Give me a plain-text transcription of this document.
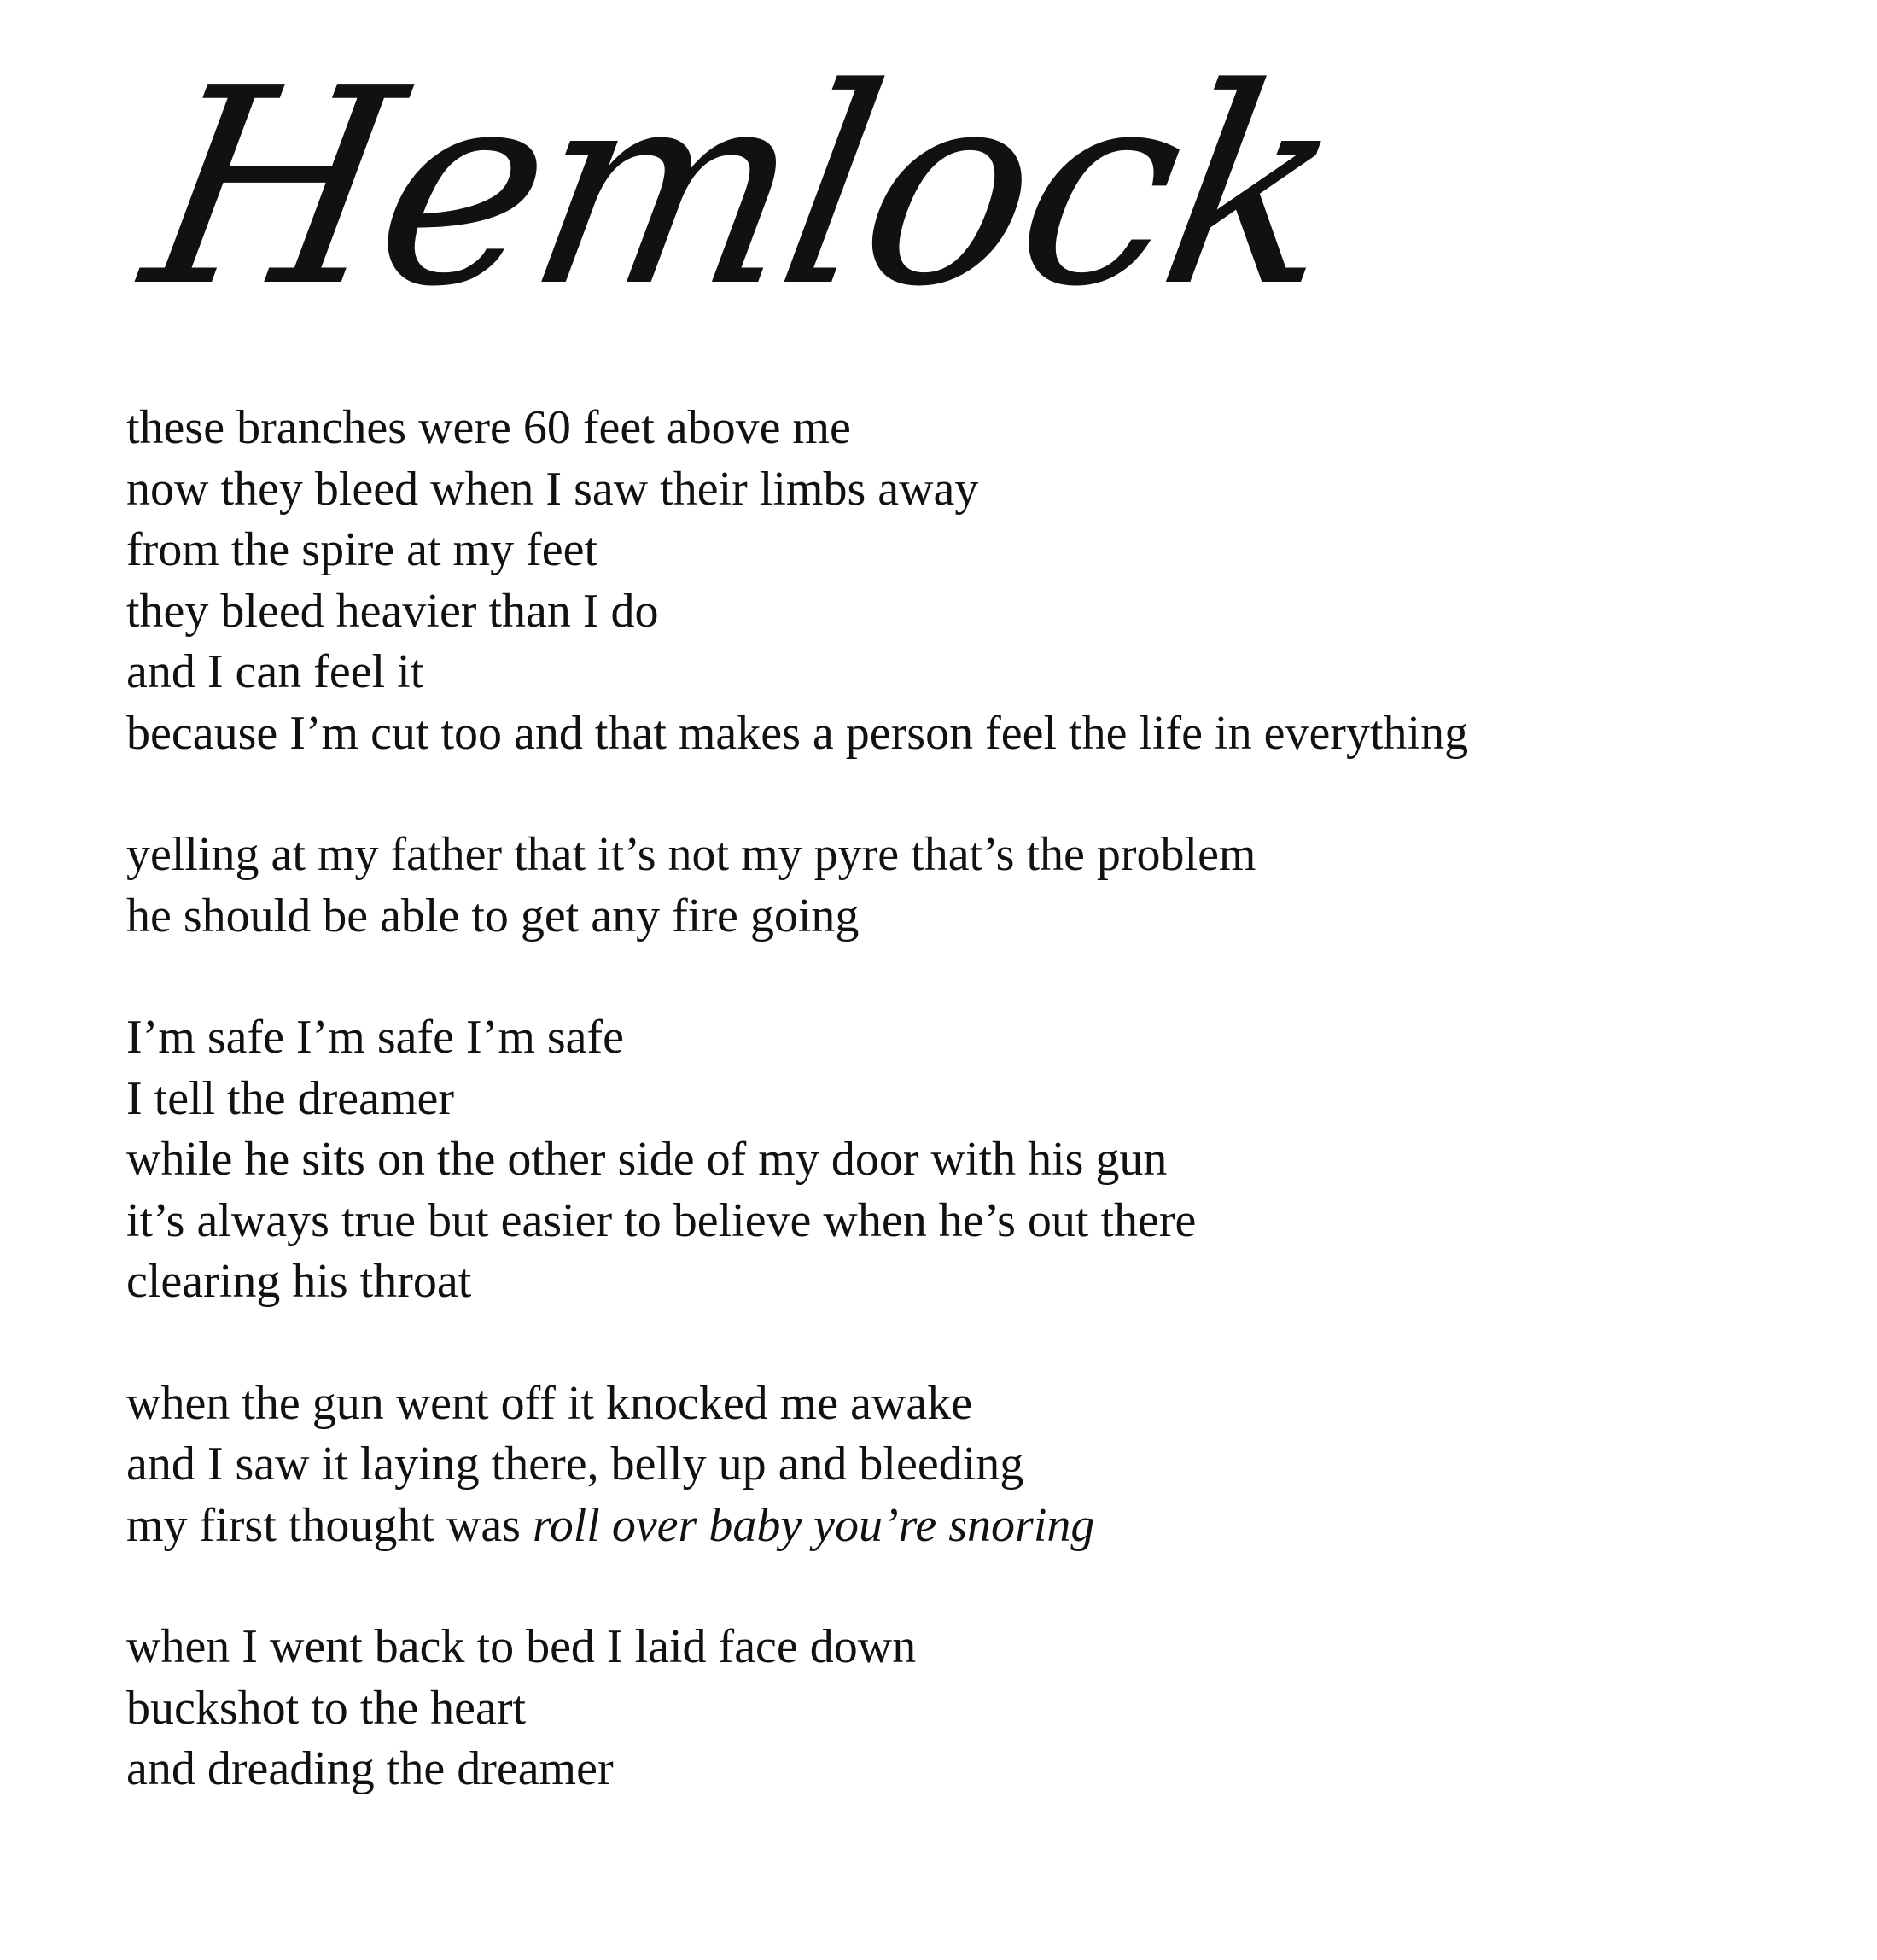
Hemlock
these branches were 60 feet above me
now they bleed when I saw their limbs away
from the spire at my feet
they bleed heavier than I do
and I can feel it
because I’m cut too and that makes a person feel the life in everything
yelling at my father that it’s not my pyre that’s the problem
he should be able to get any fire going
I’m safe I’m safe I’m safe
I tell the dreamer
while he sits on the other side of my door with his gun
it’s always true but easier to believe when he’s out there
clearing his throat
when the gun went off it knocked me awake
and I saw it laying there, belly up and bleeding
my first thought was roll over baby you’re snoring
when I went back to bed I laid face down
buckshot to the heart
and dreading the dreamer
